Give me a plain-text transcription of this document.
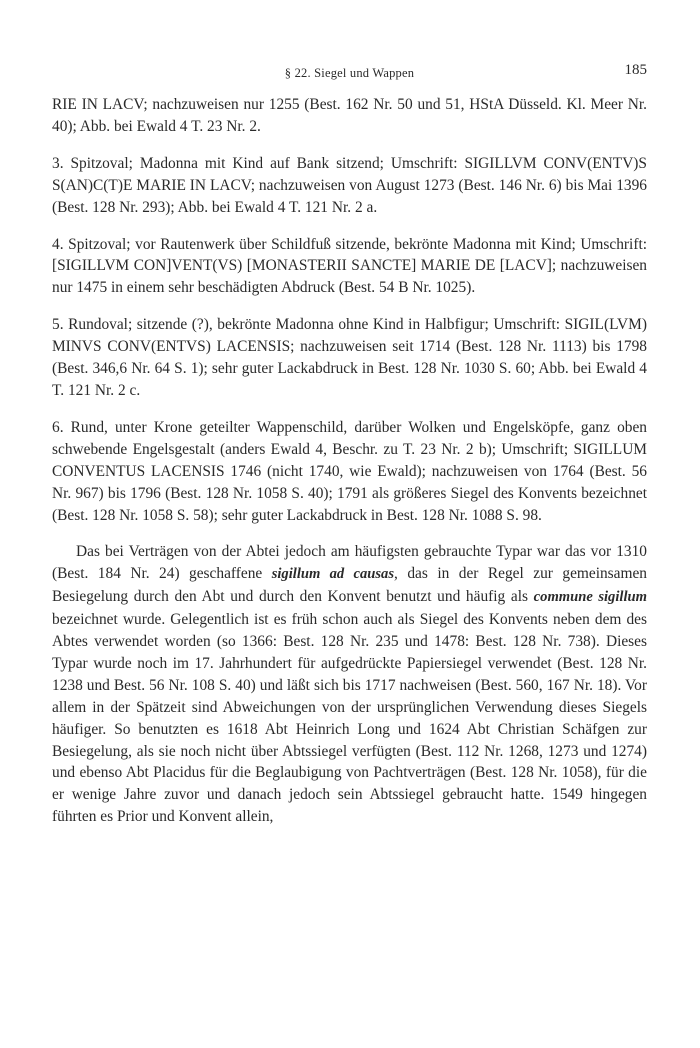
§ 22. Siegel und Wappen	185

RIE IN LACV; nachzuweisen nur 1255 (Best. 162 Nr. 50 und 51, HStA Düsseld. Kl. Meer Nr. 40); Abb. bei Ewald 4 T. 23 Nr. 2.

3. Spitzoval; Madonna mit Kind auf Bank sitzend; Umschrift: SIGILLVM CONV(ENTV)S S(AN)C(T)E MARIE IN LACV; nachzuweisen von August 1273 (Best. 146 Nr. 6) bis Mai 1396 (Best. 128 Nr. 293); Abb. bei Ewald 4 T. 121 Nr. 2 a.

4. Spitzoval; vor Rautenwerk über Schildfuß sitzende, bekrönte Madonna mit Kind; Umschrift: [SIGILLVM CON]VENT(VS) [MONASTERII SANCTE] MARIE DE [LACV]; nachzuweisen nur 1475 in einem sehr beschädigten Abdruck (Best. 54 B Nr. 1025).

5. Rundoval; sitzende (?), bekrönte Madonna ohne Kind in Halbfigur; Umschrift: SIGIL(LVM) MINVS CONV(ENTVS) LACENSIS; nachzuweisen seit 1714 (Best. 128 Nr. 1113) bis 1798 (Best. 346,6 Nr. 64 S. 1); sehr guter Lackabdruck in Best. 128 Nr. 1030 S. 60; Abb. bei Ewald 4 T. 121 Nr. 2 c.

6. Rund, unter Krone geteilter Wappenschild, darüber Wolken und Engelsköpfe, ganz oben schwebende Engelsgestalt (anders Ewald 4, Beschr. zu T. 23 Nr. 2 b); Umschrift; SIGILLUM CONVENTUS LACENSIS 1746 (nicht 1740, wie Ewald); nachzuweisen von 1764 (Best. 56 Nr. 967) bis 1796 (Best. 128 Nr. 1058 S. 40); 1791 als größeres Siegel des Konvents bezeichnet (Best. 128 Nr. 1058 S. 58); sehr guter Lackabdruck in Best. 128 Nr. 1088 S. 98.

Das bei Verträgen von der Abtei jedoch am häufigsten gebrauchte Typar war das vor 1310 (Best. 184 Nr. 24) geschaffene sigillum ad causas, das in der Regel zur gemeinsamen Besiegelung durch den Abt und durch den Konvent benutzt und häufig als commune sigillum bezeichnet wurde. Gelegentlich ist es früh schon auch als Siegel des Konvents neben dem des Abtes verwendet worden (so 1366: Best. 128 Nr. 235 und 1478: Best. 128 Nr. 738). Dieses Typar wurde noch im 17. Jahrhundert für aufgedrückte Papiersiegel verwendet (Best. 128 Nr. 1238 und Best. 56 Nr. 108 S. 40) und läßt sich bis 1717 nachweisen (Best. 560, 167 Nr. 18). Vor allem in der Spätzeit sind Abweichungen von der ursprünglichen Verwendung dieses Siegels häufiger. So benutzten es 1618 Abt Heinrich Long und 1624 Abt Christian Schäfgen zur Besiegelung, als sie noch nicht über Abtssiegel verfügten (Best. 112 Nr. 1268, 1273 und 1274) und ebenso Abt Placidus für die Beglaubigung von Pachtverträgen (Best. 128 Nr. 1058), für die er wenige Jahre zuvor und danach jedoch sein Abtssiegel gebraucht hatte. 1549 hingegen führten es Prior und Konvent allein,
